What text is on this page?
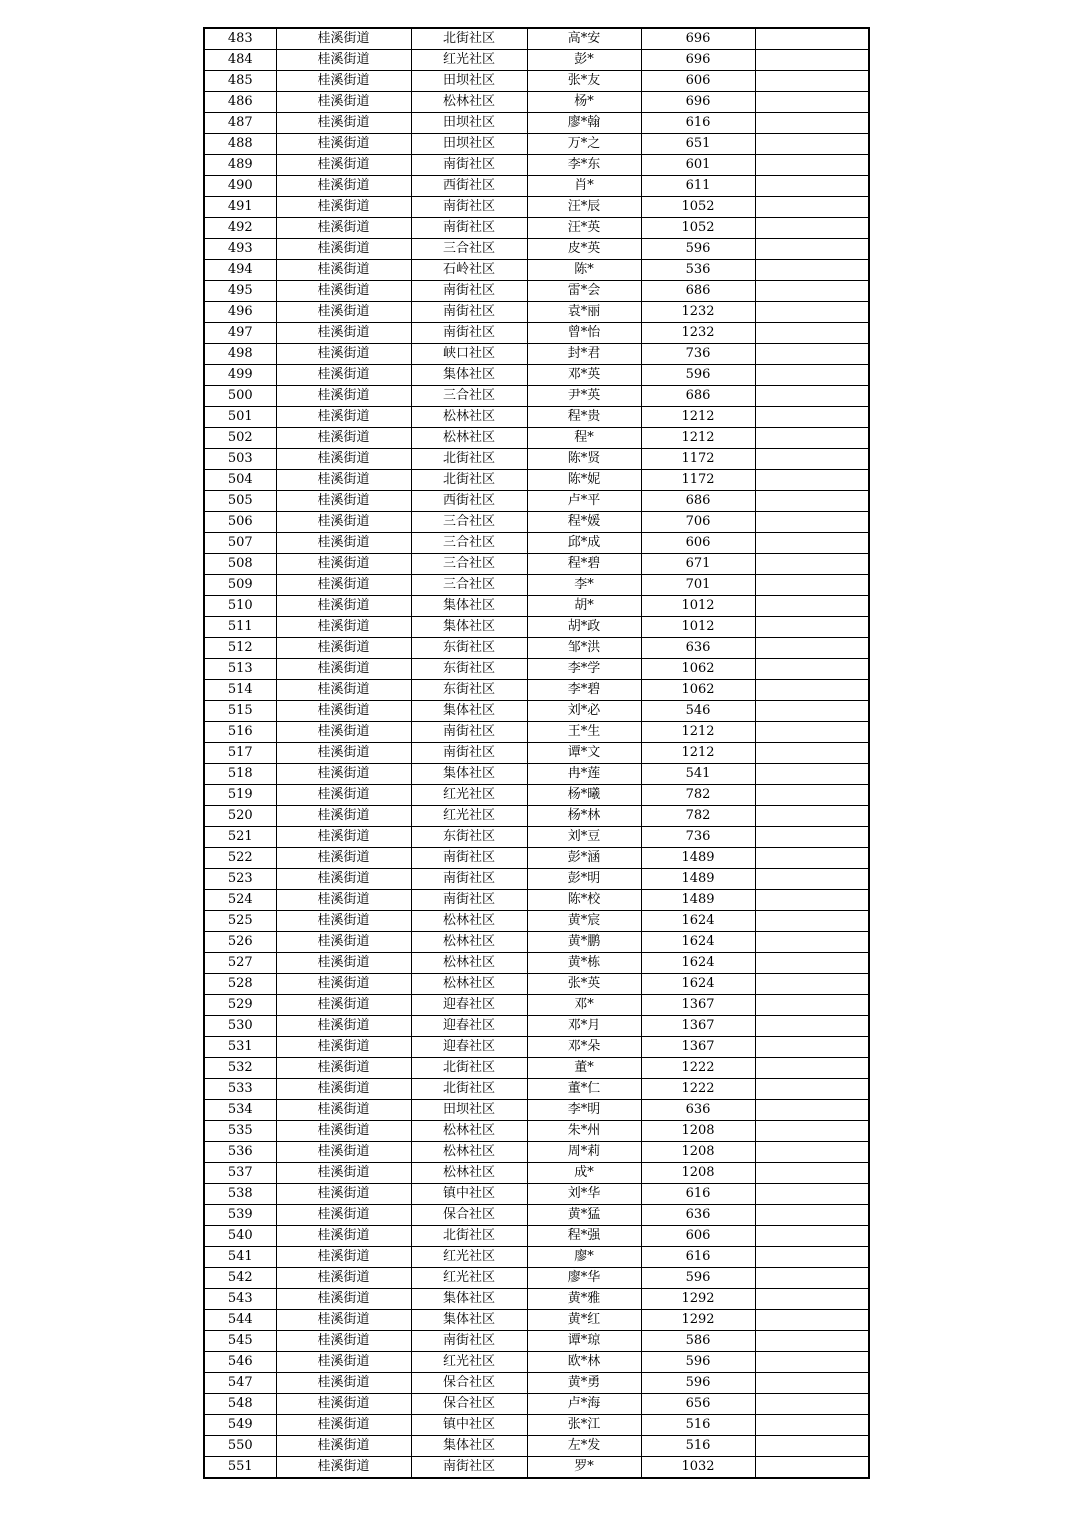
483	桂溪街道	北街社区	高*安	696	
484	桂溪街道	红光社区	彭*	696	
485	桂溪街道	田坝社区	张*友	606	
486	桂溪街道	松林社区	杨*	696	
487	桂溪街道	田坝社区	廖*翰	616	
488	桂溪街道	田坝社区	万*之	651	
489	桂溪街道	南街社区	李*东	601	
490	桂溪街道	西街社区	肖*	611	
491	桂溪街道	南街社区	汪*辰	1052	
492	桂溪街道	南街社区	汪*英	1052	
493	桂溪街道	三合社区	皮*英	596	
494	桂溪街道	石岭社区	陈*	536	
495	桂溪街道	南街社区	雷*会	686	
496	桂溪街道	南街社区	袁*丽	1232	
497	桂溪街道	南街社区	曾*怡	1232	
498	桂溪街道	峡口社区	封*君	736	
499	桂溪街道	集体社区	邓*英	596	
500	桂溪街道	三合社区	尹*英	686	
501	桂溪街道	松林社区	程*贵	1212	
502	桂溪街道	松林社区	程*	1212	
503	桂溪街道	北街社区	陈*贤	1172	
504	桂溪街道	北街社区	陈*妮	1172	
505	桂溪街道	西街社区	卢*平	686	
506	桂溪街道	三合社区	程*媛	706	
507	桂溪街道	三合社区	邱*成	606	
508	桂溪街道	三合社区	程*碧	671	
509	桂溪街道	三合社区	李*	701	
510	桂溪街道	集体社区	胡*	1012	
511	桂溪街道	集体社区	胡*政	1012	
512	桂溪街道	东街社区	邹*洪	636	
513	桂溪街道	东街社区	李*学	1062	
514	桂溪街道	东街社区	李*碧	1062	
515	桂溪街道	集体社区	刘*必	546	
516	桂溪街道	南街社区	王*生	1212	
517	桂溪街道	南街社区	谭*文	1212	
518	桂溪街道	集体社区	冉*莲	541	
519	桂溪街道	红光社区	杨*曦	782	
520	桂溪街道	红光社区	杨*林	782	
521	桂溪街道	东街社区	刘*豆	736	
522	桂溪街道	南街社区	彭*涵	1489	
523	桂溪街道	南街社区	彭*明	1489	
524	桂溪街道	南街社区	陈*校	1489	
525	桂溪街道	松林社区	黄*宸	1624	
526	桂溪街道	松林社区	黄*鹏	1624	
527	桂溪街道	松林社区	黄*栋	1624	
528	桂溪街道	松林社区	张*英	1624	
529	桂溪街道	迎春社区	邓*	1367	
530	桂溪街道	迎春社区	邓*月	1367	
531	桂溪街道	迎春社区	邓*朵	1367	
532	桂溪街道	北街社区	董*	1222	
533	桂溪街道	北街社区	董*仁	1222	
534	桂溪街道	田坝社区	李*明	636	
535	桂溪街道	松林社区	朱*州	1208	
536	桂溪街道	松林社区	周*莉	1208	
537	桂溪街道	松林社区	成*	1208	
538	桂溪街道	镇中社区	刘*华	616	
539	桂溪街道	保合社区	黄*猛	636	
540	桂溪街道	北街社区	程*强	606	
541	桂溪街道	红光社区	廖*	616	
542	桂溪街道	红光社区	廖*华	596	
543	桂溪街道	集体社区	黄*雅	1292	
544	桂溪街道	集体社区	黄*红	1292	
545	桂溪街道	南街社区	谭*琼	586	
546	桂溪街道	红光社区	欧*林	596	
547	桂溪街道	保合社区	黄*勇	596	
548	桂溪街道	保合社区	卢*海	656	
549	桂溪街道	镇中社区	张*江	516	
550	桂溪街道	集体社区	左*发	516	
551	桂溪街道	南街社区	罗*	1032	
